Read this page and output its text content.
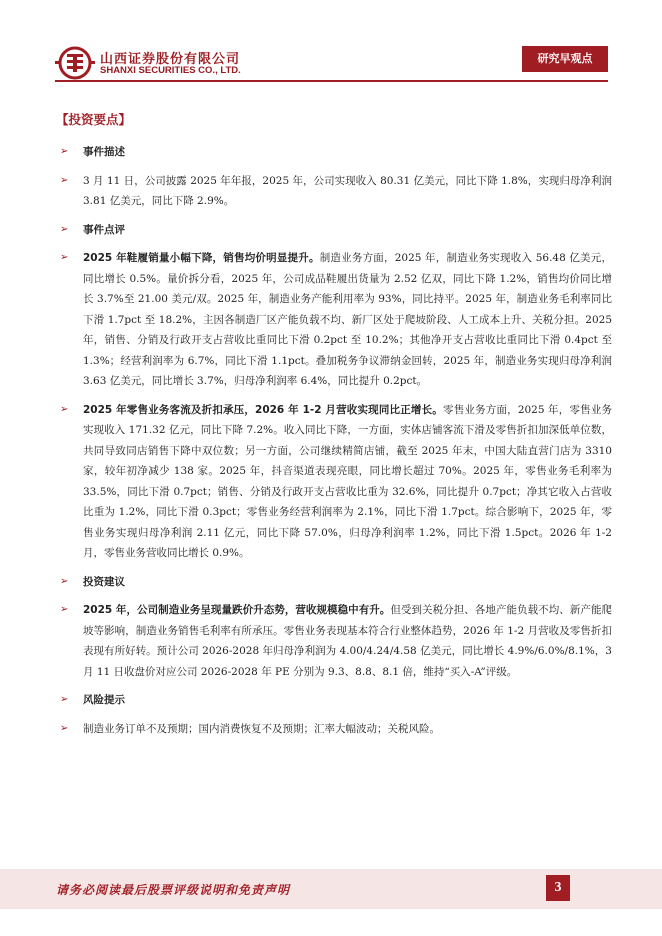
山西证券股份有限公司
SHANXI SECURITIES CO., LTD.
研究早观点
【投资要点】
➢ 事件描述
➢ 3 月 11 日，公司披露 2025 年年报，2025 年，公司实现收入 80.31 亿美元，同比下降 1.8%，实现归母净利润 3.81 亿美元，同比下降 2.9%。
➢ 事件点评
➢ 2025 年鞋履销量小幅下降，销售均价明显提升。制造业务方面，2025 年，制造业务实现收入 56.48 亿美元，同比增长 0.5%。量价拆分看，2025 年，公司成品鞋履出货量为 2.52 亿双，同比下降 1.2%，销售均价同比增长 3.7%至 21.00 美元/双。2025 年，制造业务产能利用率为 93%，同比持平。2025 年，制造业务毛利率同比下滑 1.7pct 至 18.2%，主因各制造厂区产能负载不均、新厂区处于爬坡阶段、人工成本上升、关税分担。2025 年，销售、分销及行政开支占营收比重同比下滑 0.2pct 至 10.2%；其他净开支占营收比重同比下滑 0.4pct 至 1.3%；经营利润率为 6.7%，同比下滑 1.1pct。叠加税务争议滞纳金回转，2025 年，制造业务实现归母净利润 3.63 亿美元，同比增长 3.7%，归母净利润率 6.4%，同比提升 0.2pct。
➢ 2025 年零售业务客流及折扣承压，2026 年 1-2 月营收实现同比正增长。零售业务方面，2025 年，零售业务实现收入 171.32 亿元，同比下降 7.2%。收入同比下降，一方面，实体店铺客流下滑及零售折扣加深低单位数，共同导致同店销售下降中双位数；另一方面，公司继续精简店铺，截至 2025 年末，中国大陆直营门店为 3310 家，较年初净减少 138 家。2025 年，抖音渠道表现亮眼，同比增长超过 70%。2025 年，零售业务毛利率为 33.5%，同比下滑 0.7pct；销售、分销及行政开支占营收比重为 32.6%，同比提升 0.7pct；净其它收入占营收比重为 1.2%，同比下滑 0.3pct；零售业务经营利润率为 2.1%，同比下滑 1.7pct。综合影响下，2025 年，零售业务实现归母净利润 2.11 亿元，同比下降 57.0%，归母净利润率 1.2%，同比下滑 1.5pct。2026 年 1-2 月，零售业务营收同比增长 0.9%。
➢ 投资建议
➢ 2025 年，公司制造业务呈现量跌价升态势，营收规模稳中有升。但受到关税分担、各地产能负载不均、新产能爬坡等影响，制造业务销售毛利率有所承压。零售业务表现基本符合行业整体趋势，2026 年 1-2 月营收及零售折扣表现有所好转。预计公司 2026-2028 年归母净利润为 4.00/4.24/4.58 亿美元，同比增长 4.9%/6.0%/8.1%，3 月 11 日收盘价对应公司 2026-2028 年 PE 分别为 9.3、8.8、8.1 倍，维持“买入-A”评级。
➢ 风险提示
➢ 制造业务订单不及预期；国内消费恢复不及预期；汇率大幅波动；关税风险。
请务必阅读最后股票评级说明和免责声明	3
